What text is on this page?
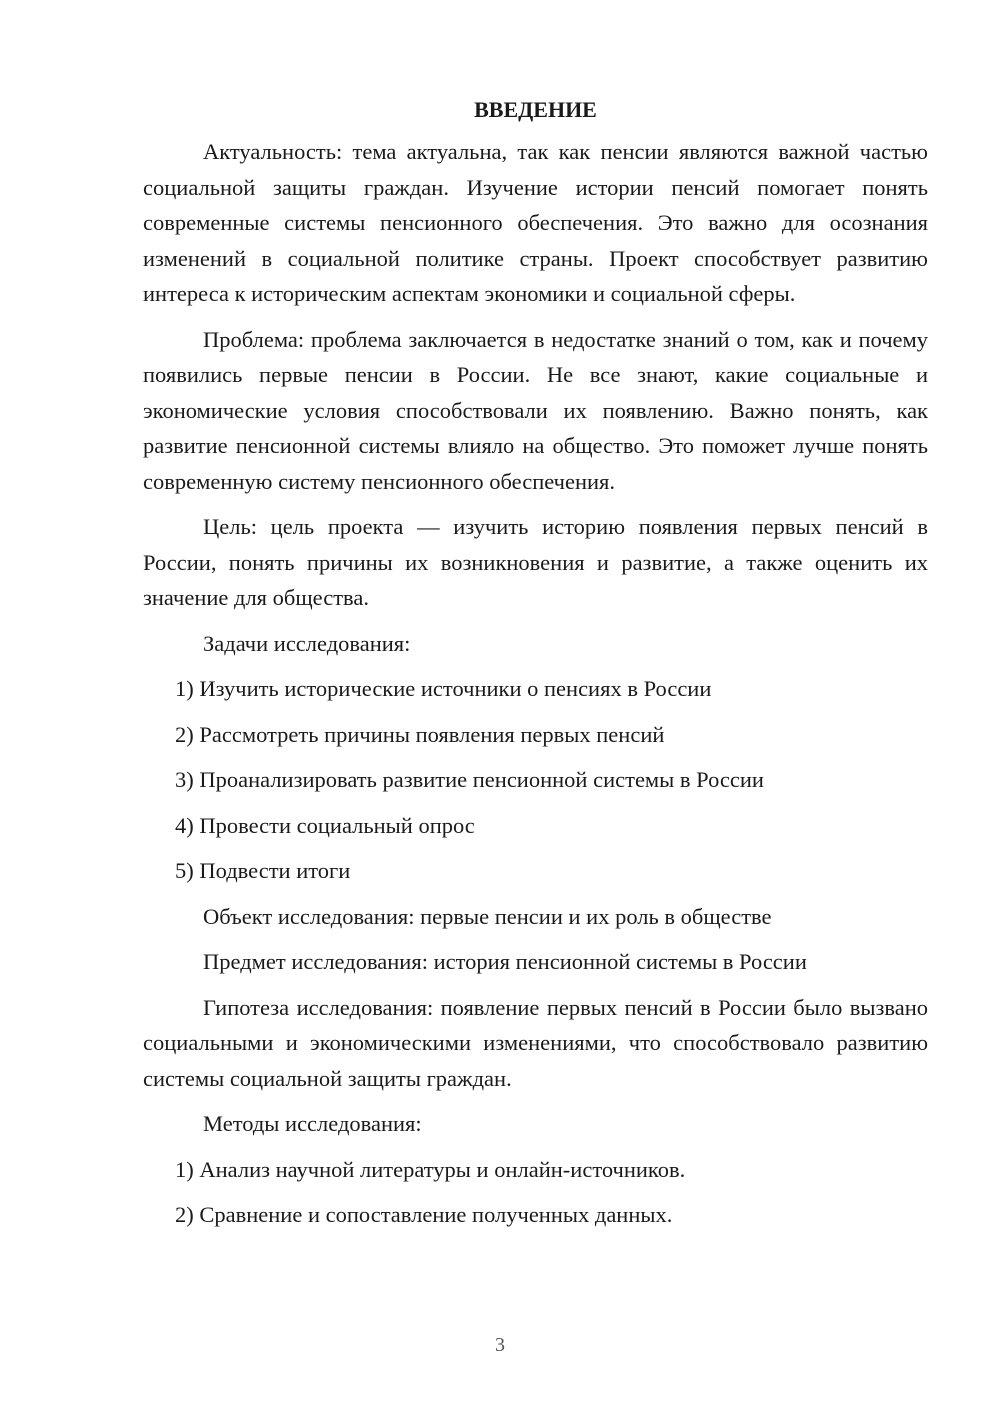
ВВЕДЕНИЕ

Актуальность: тема актуальна, так как пенсии являются важной частью социальной защиты граждан. Изучение истории пенсий помогает понять современные системы пенсионного обеспечения. Это важно для осознания изменений в социальной политике страны. Проект способствует развитию интереса к историческим аспектам экономики и социальной сферы.

Проблема: проблема заключается в недостатке знаний о том, как и почему появились первые пенсии в России. Не все знают, какие социальные и экономические условия способствовали их появлению. Важно понять, как развитие пенсионной системы влияло на общество. Это поможет лучше понять современную систему пенсионного обеспечения.

Цель: цель проекта — изучить историю появления первых пенсий в России, понять причины их возникновения и развитие, а также оценить их значение для общества.

Задачи исследования:

1) Изучить исторические источники о пенсиях в России
2) Рассмотреть причины появления первых пенсий
3) Проанализировать развитие пенсионной системы в России
4) Провести социальный опрос
5) Подвести итоги

Объект исследования: первые пенсии и их роль в обществе

Предмет исследования: история пенсионной системы в России

Гипотеза исследования: появление первых пенсий в России было вызвано социальными и экономическими изменениями, что способствовало развитию системы социальной защиты граждан.

Методы исследования:

1) Анализ научной литературы и онлайн-источников.
2) Сравнение и сопоставление полученных данных.
3
